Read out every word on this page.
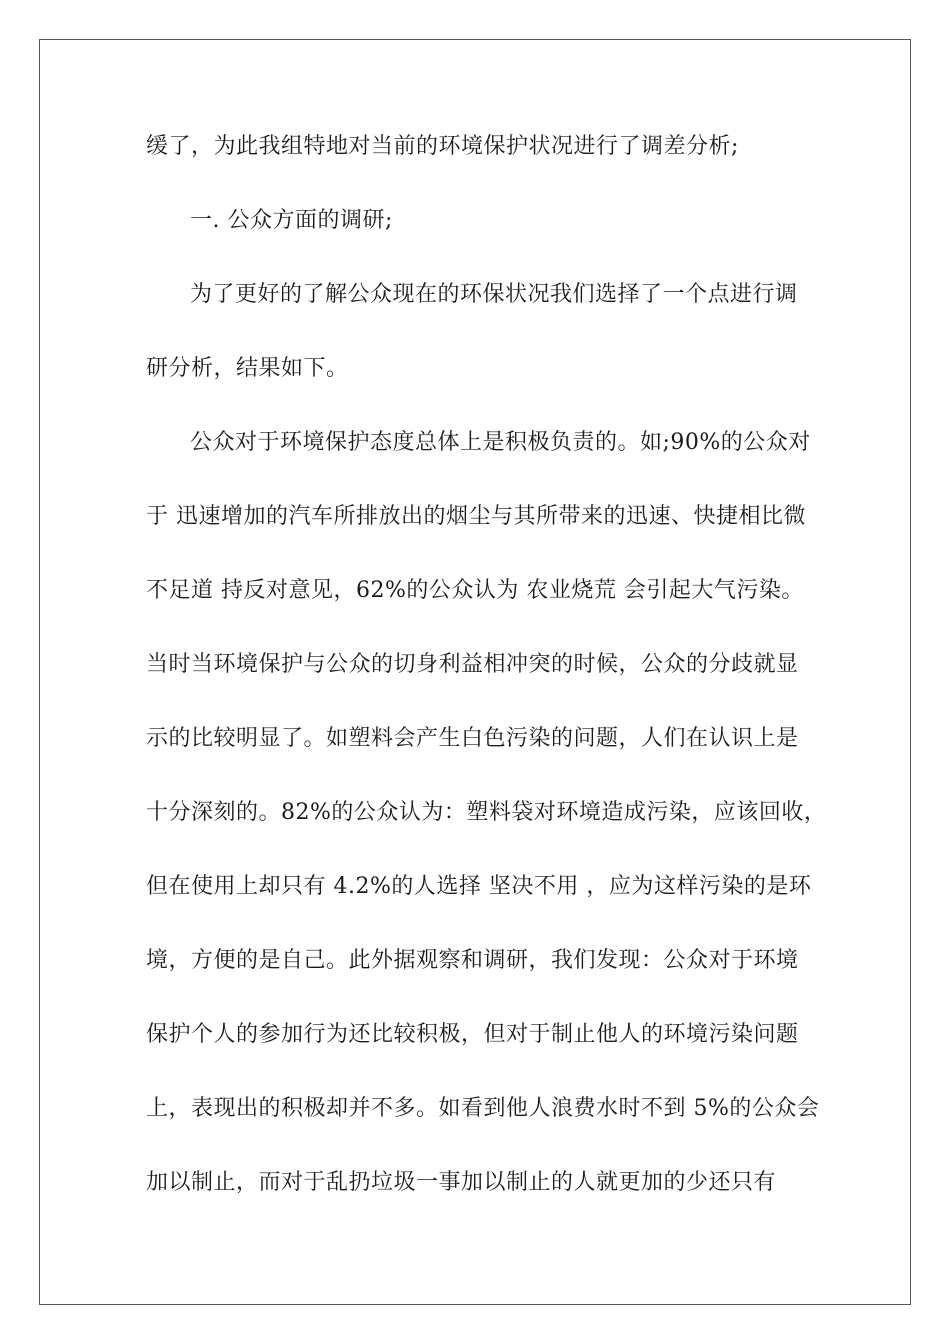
缓了，为此我组特地对当前的环境保护状况进行了调差分析;
一. 公众方面的调研;
为了更好的了解公众现在的环保状况我们选择了一个点进行调
研分析，结果如下。
公众对于环境保护态度总体上是积极负责的。如;90%的公众对
于 迅速增加的汽车所排放出的烟尘与其所带来的迅速、快捷相比微
不足道 持反对意见，62%的公众认为 农业烧荒 会引起大气污染。
当时当环境保护与公众的切身利益相冲突的时候，公众的分歧就显
示的比较明显了。如塑料会产生白色污染的问题，人们在认识上是
十分深刻的。82%的公众认为：塑料袋对环境造成污染，应该回收，
但在使用上却只有 4.2%的人选择 坚决不用 ，应为这样污染的是环
境，方便的是自己。此外据观察和调研，我们发现：公众对于环境
保护个人的参加行为还比较积极，但对于制止他人的环境污染问题
上，表现出的积极却并不多。如看到他人浪费水时不到 5%的公众会
加以制止，而对于乱扔垃圾一事加以制止的人就更加的少还只有
